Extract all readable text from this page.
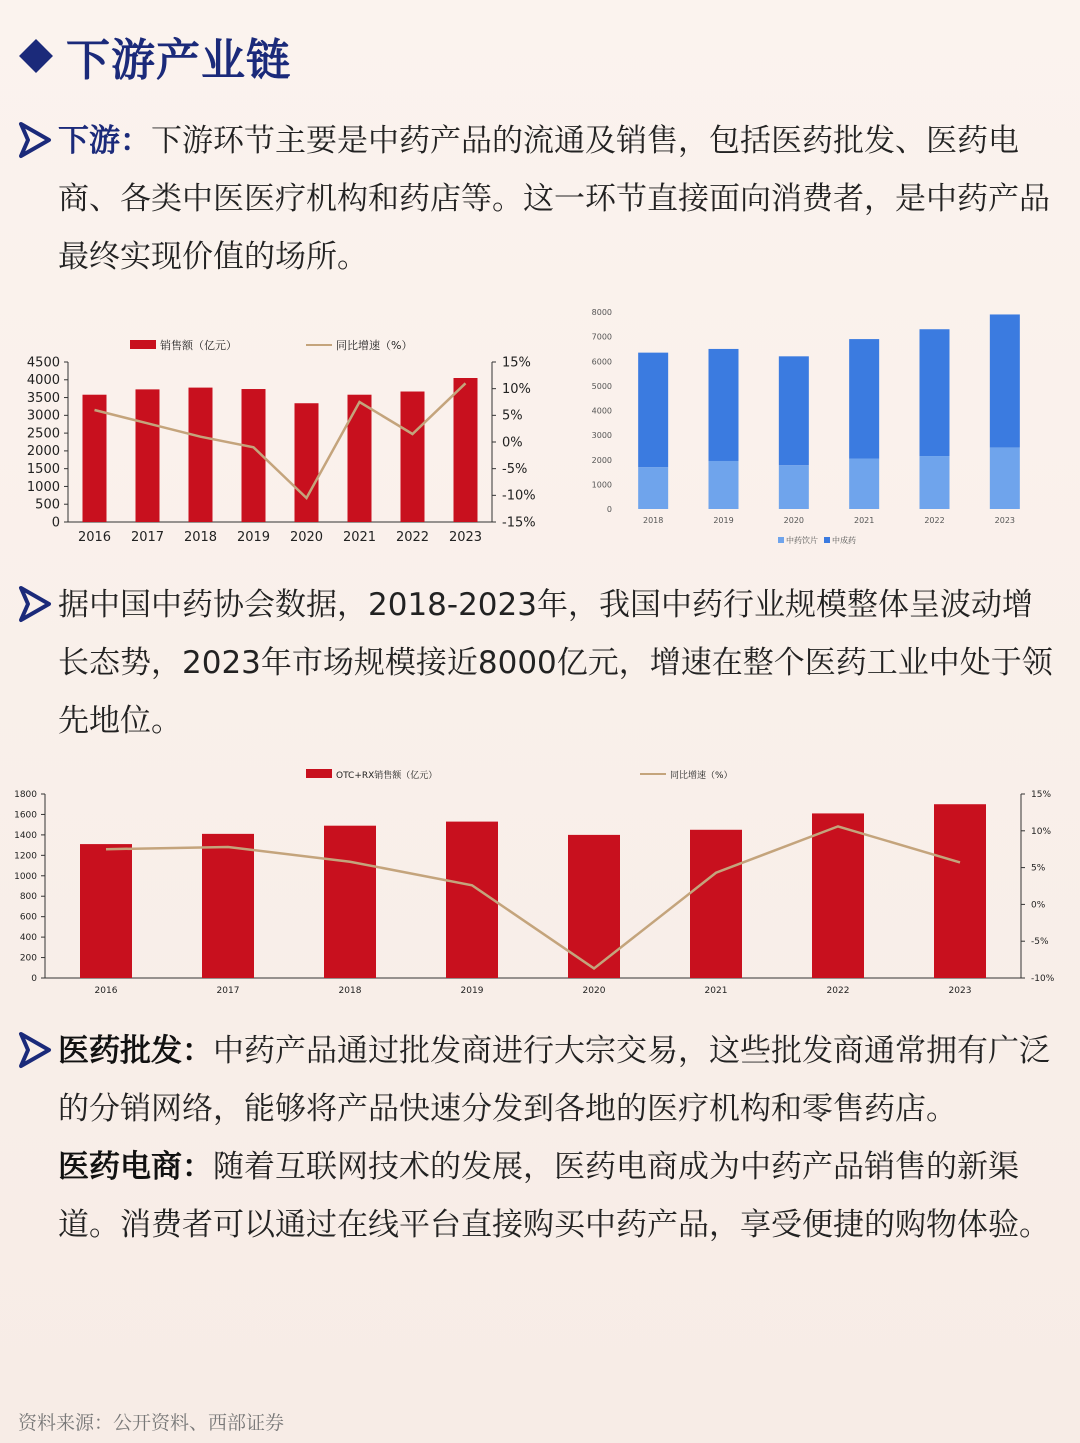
下游产业链
下游：下游环节主要是中药产品的流通及销售，包括医药批发、医药电商、各类中医医疗机构和药店等。这一环节直接面向消费者，是中药产品最终实现价值的场所。
4500
4000
3500
3000
2500
2000
1500
1000
500
0
15%
10%
5%
0%
-5%
-10%
-15%
2016 2017 2018 2019 2020 2021 2022 2023
销售额（亿元）	同比增速（%）
8000
7000
6000
5000
4000
3000
2000
1000
0
2018	2019	2020	2021	2022	2023
中药饮片 中成药
据中国中药协会数据，2018-2023年，我国中药行业规模整体呈波动增长态势，2023年市场规模接近8000亿元，增速在整个医药工业中处于领先地位。
1800
1600
1400
1200
1000
800
600
400
200
0
15%
10%
5%
0%
-5%
-10%
2016	2017	2018	2019	2020	2021	2022	2023
OTC+RX销售额（亿元）	同比增速（%）
医药批发：中药产品通过批发商进行大宗交易，这些批发商通常拥有广泛的分销网络，能够将产品快速分发到各地的医疗机构和零售药店。
医药电商：随着互联网技术的发展，医药电商成为中药产品销售的新渠道。消费者可以通过在线平台直接购买中药产品，享受便捷的购物体验。
资料来源：公开资料、西部证券
